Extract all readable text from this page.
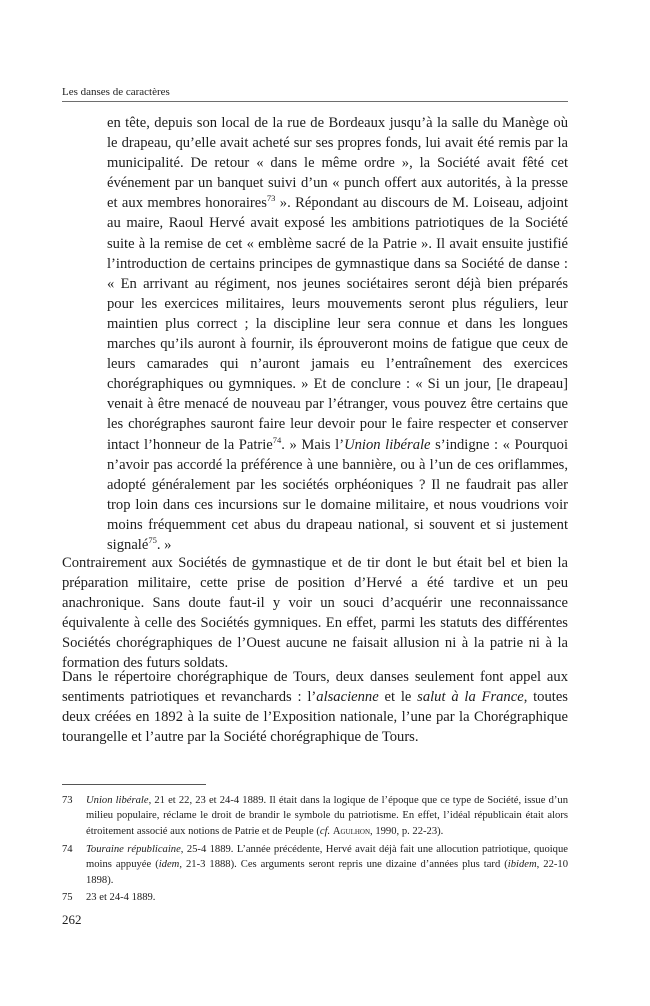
Les danses de caractères

en tête, depuis son local de la rue de Bordeaux jusqu’à la salle du Manège où le drapeau, qu’elle avait acheté sur ses propres fonds, lui avait été remis par la municipalité. De retour « dans le même ordre », la Société avait fêté cet événement par un banquet suivi d’un « punch offert aux autorités, à la presse et aux membres honoraires$^{73}$ ». Répondant au discours de M. Loiseau, adjoint au maire, Raoul Hervé avait exposé les ambitions patriotiques de la Société suite à la remise de cet « emblème sacré de la Patrie ». Il avait ensuite justifié l’introduction de certains principes de gymnastique dans sa Société de danse : « En arrivant au régiment, nos jeunes sociétaires seront déjà bien préparés pour les exercices militaires, leurs mouvements seront plus réguliers, leur maintien plus correct ; la discipline leur sera connue et dans les longues marches qu’ils auront à fournir, ils éprouveront moins de fatigue que ceux de leurs camarades qui n’auront jamais eu l’entraînement des exercices chorégraphiques ou gymniques. » Et de conclure : « Si un jour, [le drapeau] venait à être menacé de nouveau par l’étranger, vous pouvez être certains que les chorégraphes sauront faire leur devoir pour le faire respecter et conserver intact l’honneur de la Patrie$^{74}$. » Mais l’Union libérale s’indigne : « Pourquoi n’avoir pas accordé la préférence à une bannière, ou à l’un de ces oriflammes, adopté généralement par les sociétés orphéoniques ? Il ne faudrait pas aller trop loin dans ces incursions sur le domaine militaire, et nous voudrions voir moins fréquemment cet abus du drapeau national, si souvent et si justement signalé$^{75}$. »

Contrairement aux Sociétés de gymnastique et de tir dont le but était bel et bien la préparation militaire, cette prise de position d’Hervé a été tardive et un peu anachronique. Sans doute faut-il y voir un souci d’acquérir une reconnaissance équivalente à celle des Sociétés gymniques. En effet, parmi les statuts des différentes Sociétés chorégraphiques de l’Ouest aucune ne faisait allusion ni à la patrie ni à la formation des futurs soldats.

Dans le répertoire chorégraphique de Tours, deux danses seulement font appel aux sentiments patriotiques et revanchards : l’alsacienne et le salut à la France, toutes deux créées en 1892 à la suite de l’Exposition nationale, l’une par la Chorégraphique tourangelle et l’autre par la Société chorégraphique de Tours.

73 Union libérale, 21 et 22, 23 et 24-4 1889. Il était dans la logique de l’époque que ce type de Société, issue d’un milieu populaire, réclame le droit de brandir le symbole du patriotisme. En effet, l’idéal républicain était alors étroitement associé aux notions de Patrie et de Peuple (cf. Agulhon, 1990, p. 22-23).

74 Touraine républicaine, 25-4 1889. L’année précédente, Hervé avait déjà fait une allocution patriotique, quoique moins appuyée (idem, 21-3 1888). Ces arguments seront repris une dizaine d’années plus tard (ibidem, 22-10 1898).

75 23 et 24-4 1889.

262
